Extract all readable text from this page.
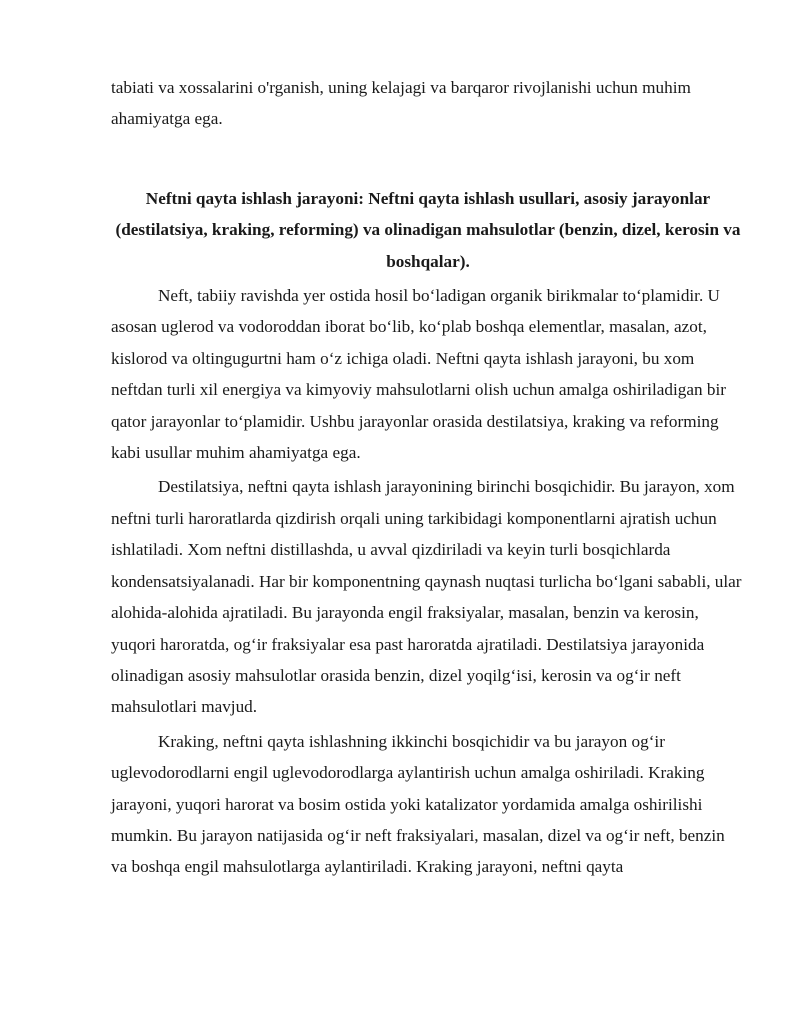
tabiati va xossalarini o'rganish, uning kelajagi va barqaror rivojlanishi uchun muhim ahamiyatga ega.

Neftni qayta ishlash jarayoni: Neftni qayta ishlash usullari, asosiy jarayonlar (destilatsiya, kraking, reforming) va olinadigan mahsulotlar (benzin, dizel, kerosin va boshqalar).

Neft, tabiiy ravishda yer ostida hosil bo‘ladigan organik birikmalar to‘plamidir. U asosan uglerod va vodoroddan iborat bo‘lib, ko‘plab boshqa elementlar, masalan, azot, kislorod va oltingugurtni ham o‘z ichiga oladi. Neftni qayta ishlash jarayoni, bu xom neftdan turli xil energiya va kimyoviy mahsulotlarni olish uchun amalga oshiriladigan bir qator jarayonlar to‘plamidir. Ushbu jarayonlar orasida destilatsiya, kraking va reforming kabi usullar muhim ahamiyatga ega.

Destilatsiya, neftni qayta ishlash jarayonining birinchi bosqichidir. Bu jarayon, xom neftni turli haroratlarda qizdirish orqali uning tarkibidagi komponentlarni ajratish uchun ishlatiladi. Xom neftni distillashda, u avval qizdiriladi va keyin turli bosqichlarda kondensatsiyalanadi. Har bir komponentning qaynash nuqtasi turlicha bo‘lgani sababli, ular alohida-alohida ajratiladi. Bu jarayonda engil fraksiyalar, masalan, benzin va kerosin, yuqori haroratda, og‘ir fraksiyalar esa past haroratda ajratiladi. Destilatsiya jarayonida olinadigan asosiy mahsulotlar orasida benzin, dizel yoqilg‘isi, kerosin va og‘ir neft mahsulotlari mavjud.

Kraking, neftni qayta ishlashning ikkinchi bosqichidir va bu jarayon og‘ir uglevodorodlarni engil uglevodorodlarga aylantirish uchun amalga oshiriladi. Kraking jarayoni, yuqori harorat va bosim ostida yoki katalizator yordamida amalga oshirilishi mumkin. Bu jarayon natijasida og‘ir neft fraksiyalari, masalan, dizel va og‘ir neft, benzin va boshqa engil mahsulotlarga aylantiriladi. Kraking jarayoni, neftni qayta
